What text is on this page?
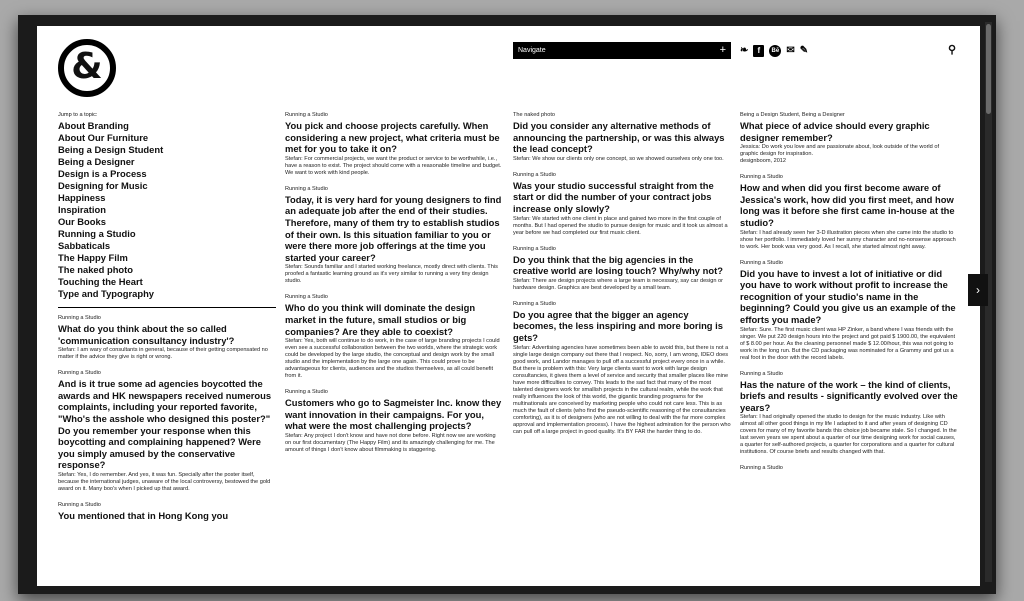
&	Navigate	+ ❧	f	Bē ✉ ✎	⚲
Jump to a topic:
About Branding
About Our Furniture
Being a Design Student
Being a Designer
Design is a Process
Designing for Music
Happiness
Inspiration
Our Books
Running a Studio
Sabbaticals
The Happy Film
The naked photo
Touching the Heart
Type and Typography
Running a Studio
What do you think about the so called 'communication consultancy industry'?
Stefan: I am wary of consultants in general, because of their getting compensated no matter if the advice they give is right or wrong.
Running a Studio
And is it true some ad agencies boycotted the awards and HK newspapers received numerous complaints, including your reported favorite, "Who's the asshole who designed this poster?" Do you remember your response when this boycotting and complaining happened? Were you simply amused by the conservative response?
Stefan: Yes, I do remember. And yes, it was fun. Specially after the poster itself, because the international judges, unaware of the local controversy, bestowed the gold award on it. Many boo's when I picked up that award.
Running a Studio
You mentioned that in Hong Kong you
Running a Studio
You pick and choose projects carefully. When considering a new project, what criteria must be met for you to take it on?
Stefan: For commercial projects, we want the product or service to be worthwhile, i.e., have a reason to exist. The project should come with a reasonable timeline and budget. We want to work with kind people.
Running a Studio
Today, it is very hard for young designers to find an adequate job after the end of their studies. Therefore, many of them try to establish studios of their own. Is this situation familiar to you or were there more job offerings at the time you started your career?
Stefan: Sounds familiar and I started working freelance, mostly direct with clients. This proofed a fantastic learning ground as it's very similar to running a very tiny design studio.
Running a Studio
Who do you think will dominate the design market in the future, small studios or big companies? Are they able to coexist?
Stefan: Yes, both will continue to do work, in the case of large branding projects I could even see a successful collaboration between the two worlds, where the strategic work could be developed by the large studio, the conceptual and design work by the small studio and the implementation by the large one again. This could prove to be advantageous for clients, audiences and the studios themselves, as all could benefit from it.
Running a Studio
Customers who go to Sagmeister Inc. know they want innovation in their campaigns. For you, what were the most challenging projects?
Stefan: Any project I don't know and have not done before. Right now we are working on our first documentary (The Happy Film) and its amazingly challenging for me. The amount of things I don't know about filmmaking is staggering.
The naked photo
Did you consider any alternative methods of announcing the partnership, or was this always the lead concept?
Stefan: We show our clients only one concept, so we showed ourselves only one too.
Running a Studio
Was your studio successful straight from the start or did the number of your contract jobs increase only slowly?
Stefan: We started with one client in place and gained two more in the first couple of months. But I had opened the studio to pursue design for music and it took us almost a year before we had completed our first music client.
Running a Studio
Do you think that the big agencies in the creative world are losing touch? Why/why not?
Stefan: There are design projects where a large team is necessary, say car design or hardware design. Graphics are best developed by a small team.
Running a Studio
Do you agree that the bigger an agency becomes, the less inspiring and more boring is gets?
Stefan: Advertising agencies have sometimes been able to avoid this, but there is not a single large design company out there that I respect. No, sorry, I am wrong, IDEO does good work, and Landor manages to pull off a successful project every once in a while. But there is problem with this: Very large clients want to work with large design consultancies, it gives them a level of service and security that smaller places like mine have more difficulties to convey. This leads to the sad fact that many of the most talented designers work for smallish projects in the cultural realm, while the work that really influences the look of this world, the gigantic branding programs for the multinationals are conceived by marketing people who could not care less. This is as much the fault of clients (who find the pseudo-scientific reasoning of the consultancies comforting), as it is of designers (who are not willing to deal with the far more complex approval and implementation process). I have the highest admiration for the person who can pull off a large project in good quality. It's BY FAR the harder thing to do.
Being a Design Student, Being a Designer
What piece of advice should every graphic designer remember?
Jessica: Do work you love and are passionate about, look outside of the world of graphic design for inspiration.
designboom, 2012
Running a Studio
How and when did you first become aware of Jessica's work, how did you first meet, and how long was it before she first came in-house at the studio?
Stefan: I had already seen her 3-D illustration pieces when she came into the studio to show her portfolio. I immediately loved her sunny character and no-nonsense approach to work. Her book was very good. As I recall, she started almost right away.
Running a Studio
Did you have to invest a lot of initiative or did you have to work without profit to increase the recognition of your studio's name in the beginning? Could you give us an example of the efforts you made?
Stefan: Sure. The first music client was HP Zinker, a band where I was friends with the singer. We put 220 design hours into the project and got paid $ 1900.00, the equivalent of $ 8.00 per hour. As the cleaning personnel made $ 12.00/hour, this was not going to work in the long run. But the CD packaging was nominated for a Grammy and got us a real foot in the door with the record labels.
Running a Studio
Has the nature of the work – the kind of clients, briefs and results - significantly evolved over the years?
Stefan: I had originally opened the studio to design for the music industry. Like with almost all other good things in my life I adapted to it and after years of designing CD covers for many of my favorite bands this choice job became stale. So I changed. In the last seven years we spent about a quarter of our time designing work for social causes, a quarter for self-authored projects, a quarter for corporations and a quarter for cultural institutions. Of course briefs and results changed with that.
Running a Studio
›
